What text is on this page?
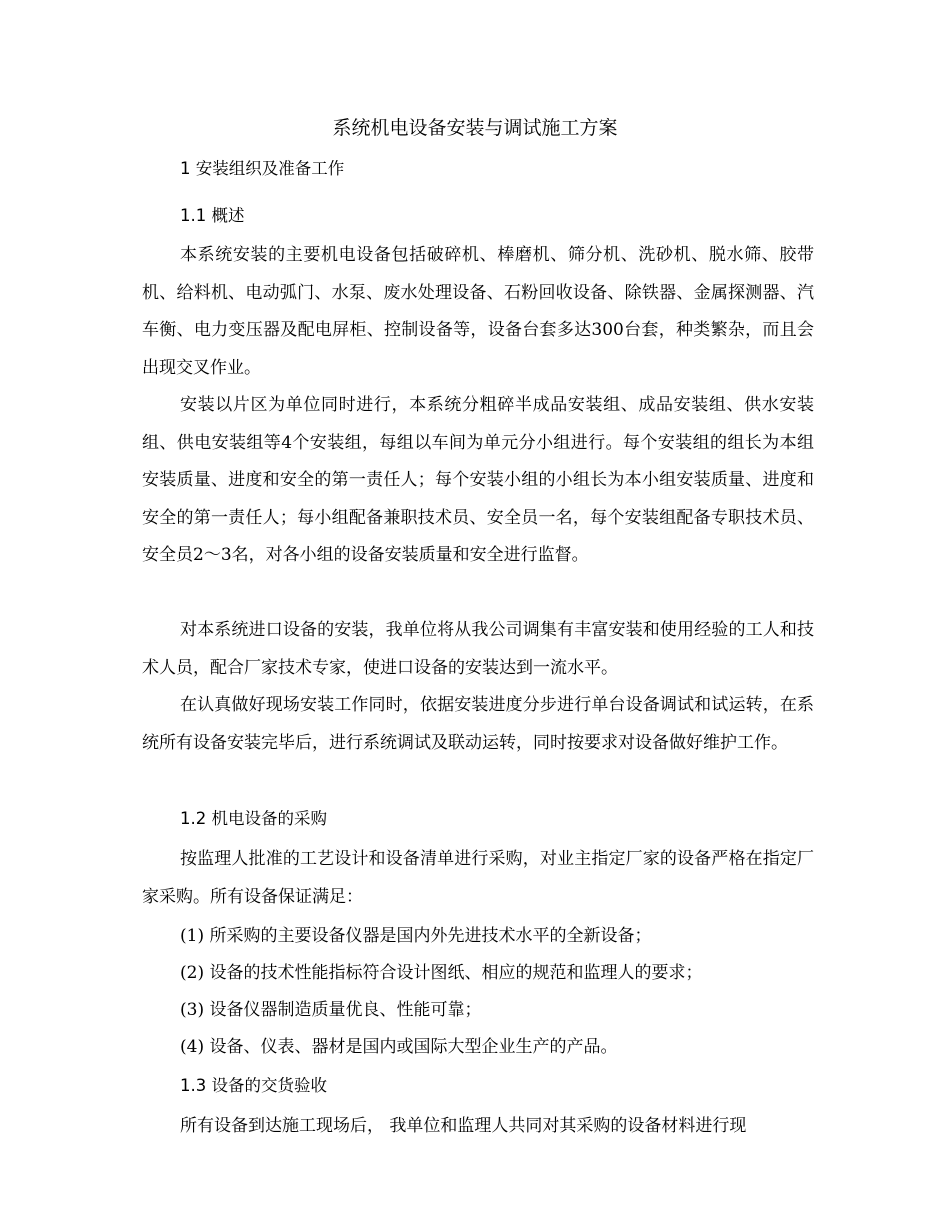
系统机电设备安装与调试施工方案
1 安装组织及准备工作
1.1 概述

本系统安装的主要机电设备包括破碎机、棒磨机、筛分机、洗砂机、脱水筛、胶带机、给料机、电动弧门、水泵、废水处理设备、石粉回收设备、除铁器、金属探测器、汽车衡、电力变压器及配电屏柜、控制设备等，设备台套多达300台套，种类繁杂，而且会出现交叉作业。

安装以片区为单位同时进行，本系统分粗碎半成品安装组、成品安装组、供水安装组、供电安装组等4个安装组，每组以车间为单元分小组进行。每个安装组的组长为本组安装质量、进度和安全的第一责任人；每个安装小组的小组长为本小组安装质量、进度和安全的第一责任人；每小组配备兼职技术员、安全员一名，每个安装组配备专职技术员、安全员2～3名，对各小组的设备安装质量和安全进行监督。

对本系统进口设备的安装，我单位将从我公司调集有丰富安装和使用经验的工人和技术人员，配合厂家技术专家，使进口设备的安装达到一流水平。

在认真做好现场安装工作同时，依据安装进度分步进行单台设备调试和试运转，在系统所有设备安装完毕后，进行系统调试及联动运转，同时按要求对设备做好维护工作。

1.2 机电设备的采购

按监理人批准的工艺设计和设备清单进行采购，对业主指定厂家的设备严格在指定厂家采购。所有设备保证满足：

(1) 所采购的主要设备仪器是国内外先进技术水平的全新设备；
(2) 设备的技术性能指标符合设计图纸、相应的规范和监理人的要求；
(3) 设备仪器制造质量优良、性能可靠；
(4) 设备、仪表、器材是国内或国际大型企业生产的产品。
1.3 设备的交货验收

所有设备到达施工现场后， 我单位和监理人共同对其采购的设备材料进行现
